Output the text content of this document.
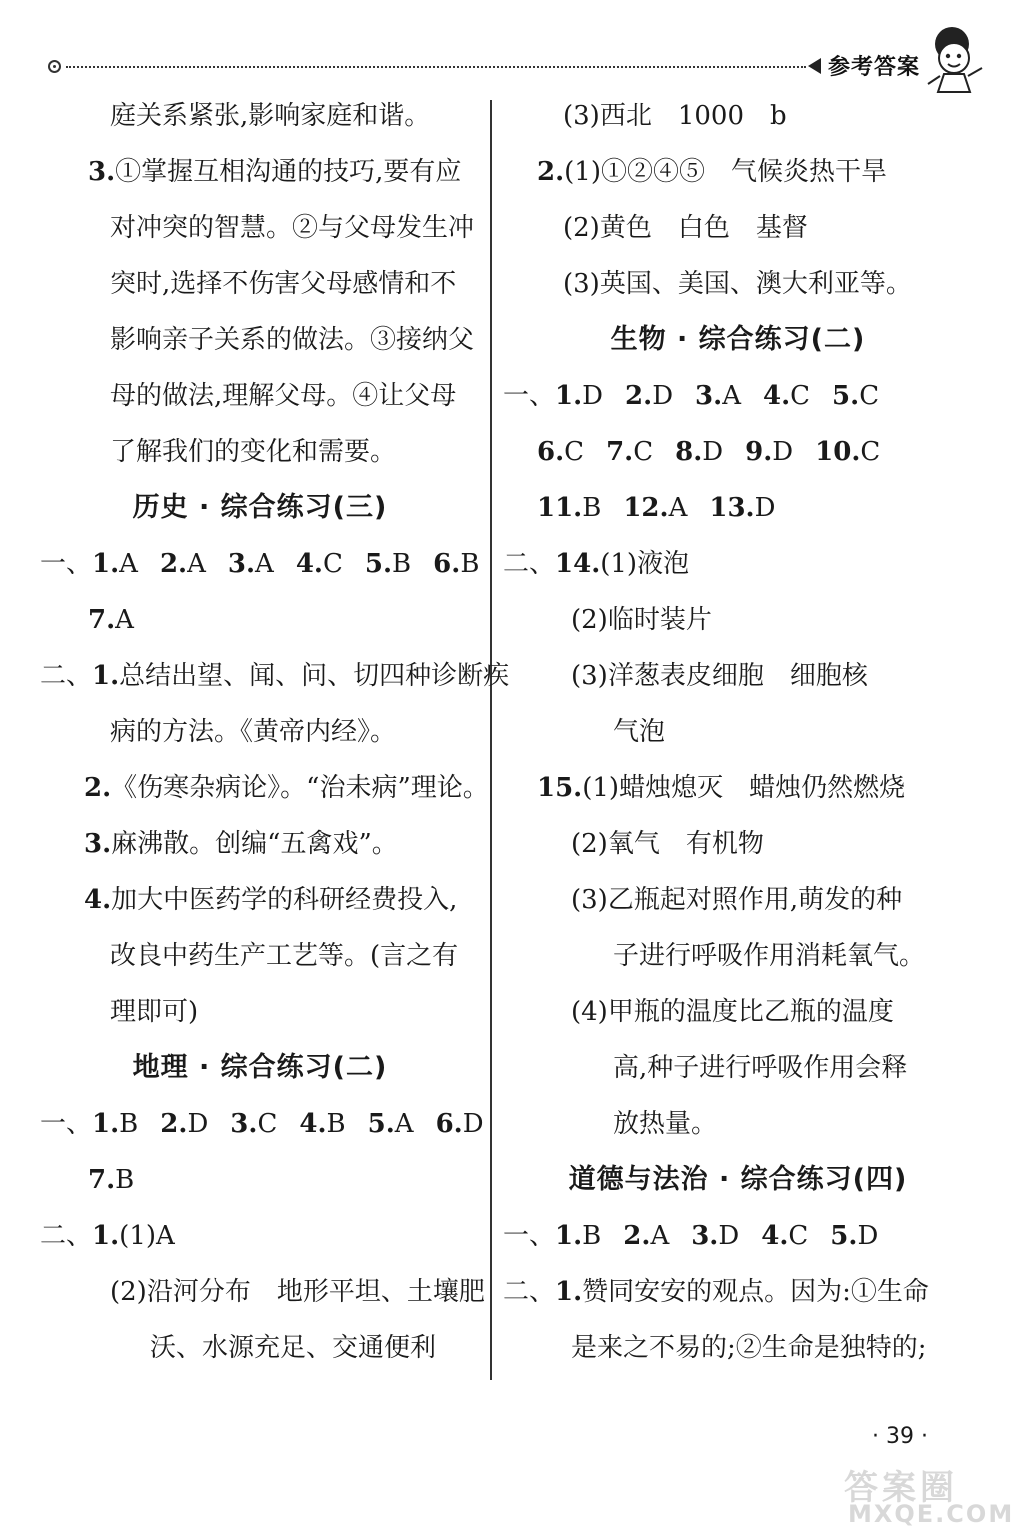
参考答案
庭关系紧张,影响家庭和谐。
3.①掌握互相沟通的技巧,要有应
对冲突的智慧。②与父母发生冲
突时,选择不伤害父母感情和不
影响亲子关系的做法。③接纳父
母的做法,理解父母。④让父母
了解我们的变化和需要。
历史 · 综合练习(三)
一、1.A 2.A 3.A 4.C 5.B 6.B
7.A
二、1.总结出望、闻、问、切四种诊断疾
病的方法。《黄帝内经》。
2.《伤寒杂病论》。“治未病”理论。
3.麻沸散。创编“五禽戏”。
4.加大中医药学的科研经费投入,
改良中药生产工艺等。(言之有
理即可)
地理 · 综合练习(二)
一、1.B 2.D 3.C 4.B 5.A 6.D
7.B
二、1.(1)A
(2)沿河分布　地形平坦、土壤肥
沃、水源充足、交通便利
(3)西北　1000　b
2.(1)①②④⑤　气候炎热干旱
(2)黄色　白色　基督
(3)英国、美国、澳大利亚等。
生物 · 综合练习(二)
一、1.D 2.D 3.A 4.C 5.C
6.C 7.C 8.D 9.D 10.C
11.B 12.A 13.D
二、14.(1)液泡
(2)临时装片
(3)洋葱表皮细胞　细胞核
气泡
15.(1)蜡烛熄灭　蜡烛仍然燃烧
(2)氧气　有机物
(3)乙瓶起对照作用,萌发的种
子进行呼吸作用消耗氧气。
(4)甲瓶的温度比乙瓶的温度
高,种子进行呼吸作用会释
放热量。
道德与法治 · 综合练习(四)
一、1.B 2.A 3.D 4.C 5.D
二、1.赞同安安的观点。因为:①生命
是来之不易的;②生命是独特的;
· 39 ·
答案圈
MXQE.COM
